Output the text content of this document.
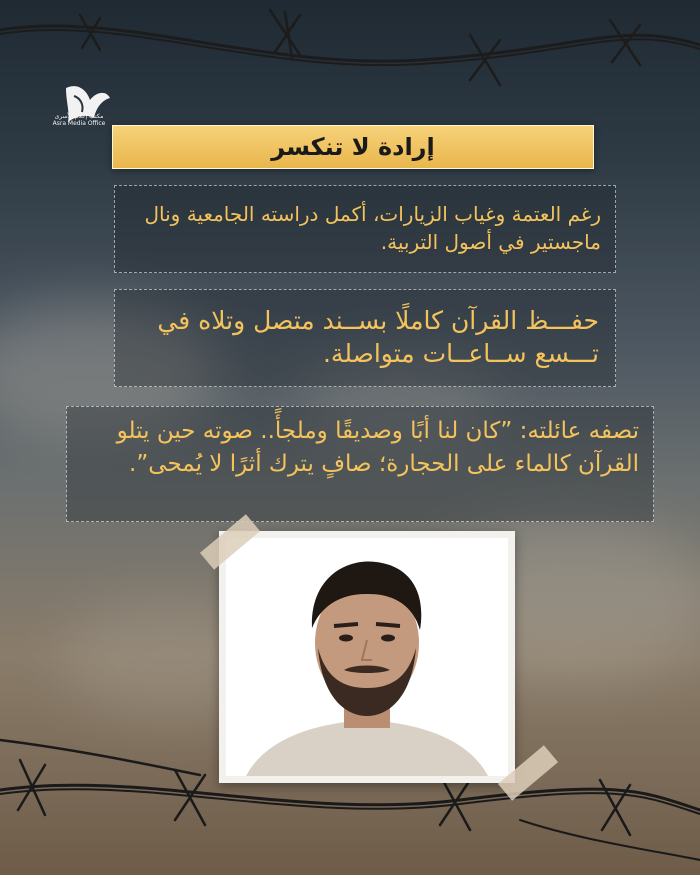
مكتب إعلام الأسرى
Asra Media Office
إرادة لا تنكسر
رغم العتمة وغياب الزيارات، أكمل دراسته الجامعية ونال ماجستير في أصول التربية.
حفـــظ القرآن كاملًا بســند متصل وتلاه في تـــسع ســاعــات متواصلة.
تصفه عائلته: ”كان لنا أبًا وصديقًا وملجأً.. صوته حين يتلو القرآن كالماء على الحجارة؛ صافٍ يترك أثرًا لا يُمحى”.
